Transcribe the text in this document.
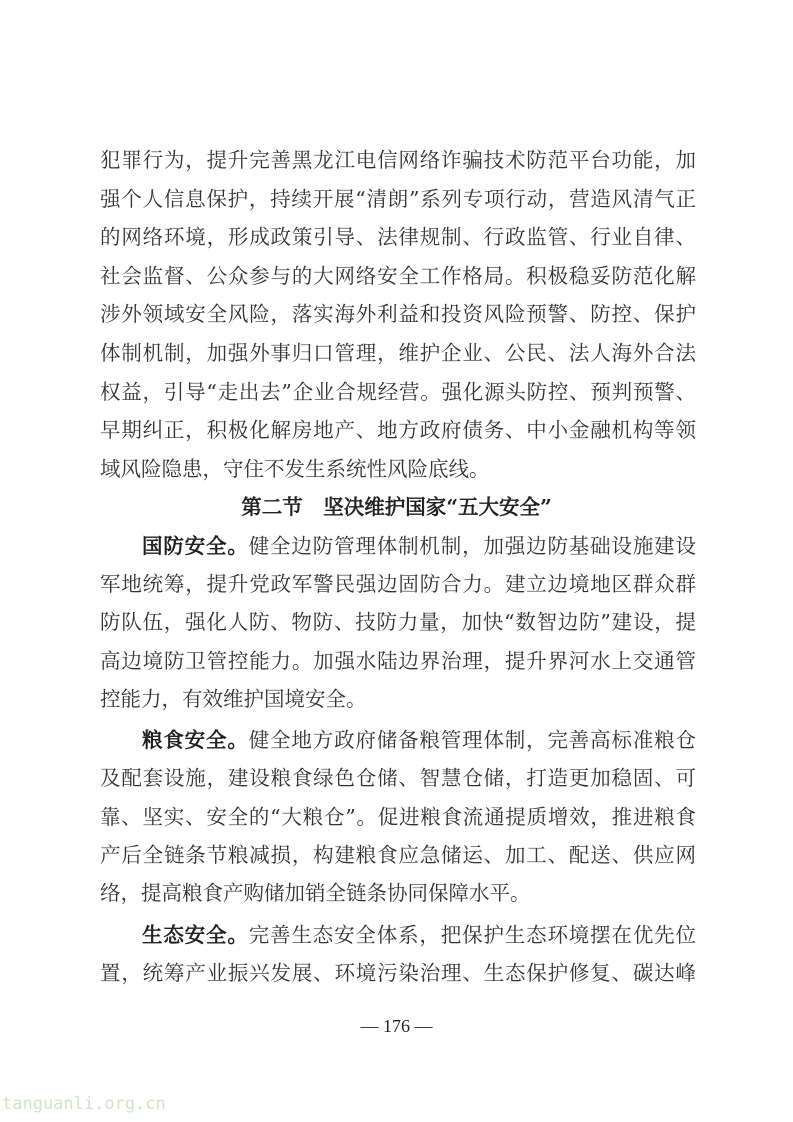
犯罪行为，提升完善黑龙江电信网络诈骗技术防范平台功能，加
强个人信息保护，持续开展“清朗”系列专项行动，营造风清气正
的网络环境，形成政策引导、法律规制、行政监管、行业自律、
社会监督、公众参与的大网络安全工作格局。积极稳妥防范化解
涉外领域安全风险，落实海外利益和投资风险预警、防控、保护
体制机制，加强外事归口管理，维护企业、公民、法人海外合法
权益，引导“走出去”企业合规经营。强化源头防控、预判预警、
早期纠正，积极化解房地产、地方政府债务、中小金融机构等领
域风险隐患，守住不发生系统性风险底线。
第二节　坚决维护国家“五大安全”
国防安全。健全边防管理体制机制，加强边防基础设施建设
军地统筹，提升党政军警民强边固防合力。建立边境地区群众群
防队伍，强化人防、物防、技防力量，加快“数智边防”建设，提
高边境防卫管控能力。加强水陆边界治理，提升界河水上交通管
控能力，有效维护国境安全。
粮食安全。健全地方政府储备粮管理体制，完善高标准粮仓
及配套设施，建设粮食绿色仓储、智慧仓储，打造更加稳固、可
靠、坚实、安全的“大粮仓”。促进粮食流通提质增效，推进粮食
产后全链条节粮减损，构建粮食应急储运、加工、配送、供应网
络，提高粮食产购储加销全链条协同保障水平。
生态安全。完善生态安全体系，把保护生态环境摆在优先位
置，统筹产业振兴发展、环境污染治理、生态保护修复、碳达峰
— 176 —
tanguanli.org.cn
